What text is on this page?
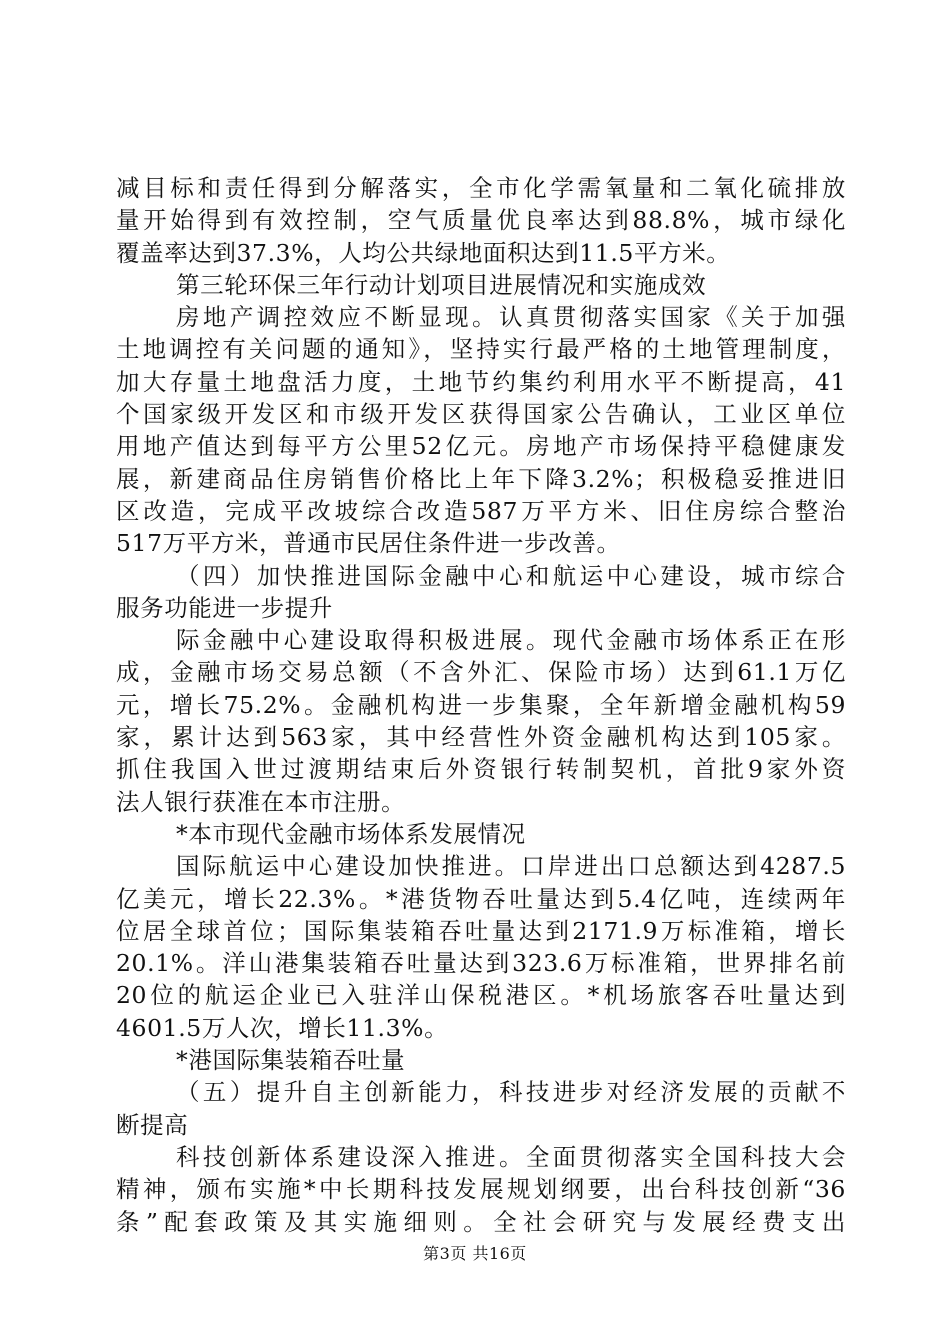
减目标和责任得到分解落实，全市化学需氧量和二氧化硫排放
量开始得到有效控制，空气质量优良率达到88.8%，城市绿化
覆盖率达到37.3%，人均公共绿地面积达到11.5平方米。
第三轮环保三年行动计划项目进展情况和实施成效
房地产调控效应不断显现。认真贯彻落实国家《关于加强
土地调控有关问题的通知》，坚持实行最严格的土地管理制度，
加大存量土地盘活力度，土地节约集约利用水平不断提高，41
个国家级开发区和市级开发区获得国家公告确认，工业区单位
用地产值达到每平方公里52亿元。房地产市场保持平稳健康发
展，新建商品住房销售价格比上年下降3.2%；积极稳妥推进旧
区改造，完成平改坡综合改造587万平方米、旧住房综合整治
517万平方米，普通市民居住条件进一步改善。
（四）加快推进国际金融中心和航运中心建设，城市综合
服务功能进一步提升
际金融中心建设取得积极进展。现代金融市场体系正在形
成，金融市场交易总额（不含外汇、保险市场）达到61.1万亿
元，增长75.2%。金融机构进一步集聚，全年新增金融机构59
家，累计达到563家，其中经营性外资金融机构达到105家。
抓住我国入世过渡期结束后外资银行转制契机，首批9家外资
法人银行获准在本市注册。
*本市现代金融市场体系发展情况
国际航运中心建设加快推进。口岸进出口总额达到4287.5
亿美元，增长22.3%。*港货物吞吐量达到5.4亿吨，连续两年
位居全球首位；国际集装箱吞吐量达到2171.9万标准箱，增长
20.1%。洋山港集装箱吞吐量达到323.6万标准箱，世界排名前
20位的航运企业已入驻洋山保税港区。*机场旅客吞吐量达到
4601.5万人次，增长11.3%。
*港国际集装箱吞吐量
（五）提升自主创新能力，科技进步对经济发展的贡献不
断提高
科技创新体系建设深入推进。全面贯彻落实全国科技大会
精神，颁布实施*中长期科技发展规划纲要，出台科技创新“36
条”配套政策及其实施细则。全社会研究与发展经费支出
第3页 共16页
